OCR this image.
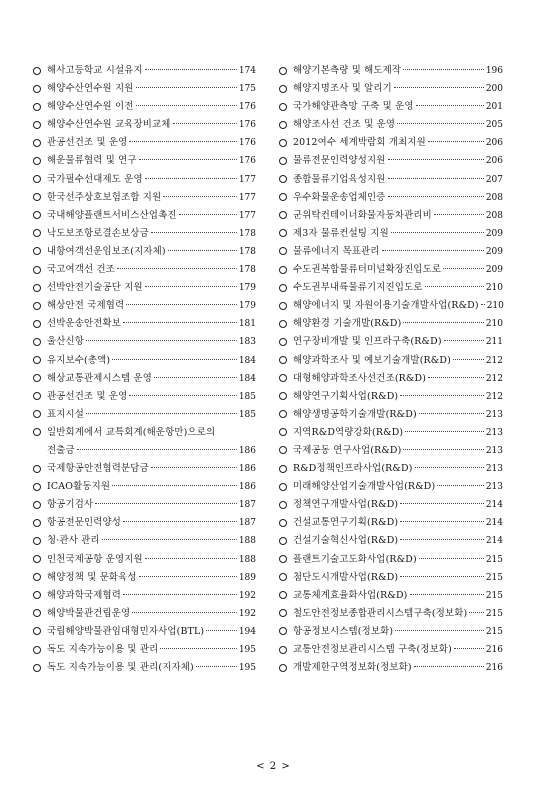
해사고등학교 시설유지	174
해양수산연수원 지원	175
해양수산연수원 이전	176
해양수산연수원 교육장비교체	176
관공선건조 및 운영	176
해운물류협력 및 연구	176
국가필수선대제도 운영	177
한국선주상호보험조합 지원	177
국내해양플랜트서비스산업촉진	177
낙도보조항로결손보상금	178
내항여객선운임보조(지자체)	178
국고여객선 건조	178
선박안전기술공단 지원	179
해상안전 국제협력	179
선박운송안전확보	181
울산신항	183
유지보수(총액)	184
해상교통관제시스템 운영	184
관공선건조 및 운영	185
표지시설	185
일반회계에서 교특회계(해운항만)으로의
전출금	186
국제항공안전협력분담금	186
ICAO활동지원	186
항공기검사	187
항공전문인력양성	187
청·관사 관리	188
인천국제공항 운영지원	188
해양정책 및 문화육성	189
해양과학국제협력	192
해양박물관건립운영	192
국립해양박물관임대형민자사업(BTL)	194
독도 지속가능이용 및 관리	195
독도 지속가능이용 및 관리(지자체)	195
해양기본측량 및 해도제작	196
해양지명조사 및 알리기	200
국가해양관측망 구축 및 운영	201
해양조사선 건조 및 운영	205
2012여수 세계박람회 개최지원	206
물류전문인력양성지원	206
종합물류기업육성지원	207
우수화물운송업체인증	208
군위탁컨테이너화물자동차관리비	208
제3자 물류컨설팅 지원	209
물류에너지 목표관리	209
수도권복합물류터미널확장진입도로	209
수도권부내륙물류기지진입도로	210
해양에너지 및 자원이용기술개발사업(R&D) 210
해양환경 기술개발(R&D)	210
연구장비개발 및 인프라구축(R&D)	211
해양과학조사 및 예보기술개발(R&D)	212
대형해양과학조사선건조(R&D)	212
해양연구기획사업(R&D)	212
해양생명공학기술개발(R&D)	213
지역R&D역량강화(R&D)	213
국제공동 연구사업(R&D)	213
R&D정책인프라사업(R&D)	213
미래해양산업기술개발사업(R&D)	213
정책연구개발사업(R&D)	214
건설교통연구기획(R&D)	214
건설기술혁신사업(R&D)	214
플랜트기술고도화사업(R&D)	215
첨단도시개발사업(R&D)	215
교통체계효율화사업(R&D)	215
철도안전정보종합관리시스템구축(정보화) 215
항공정보시스템(정보화)	215
교통안전정보관리시스템 구축(정보화)	216
개발제한구역정보화(정보화)	216
< 2 >
